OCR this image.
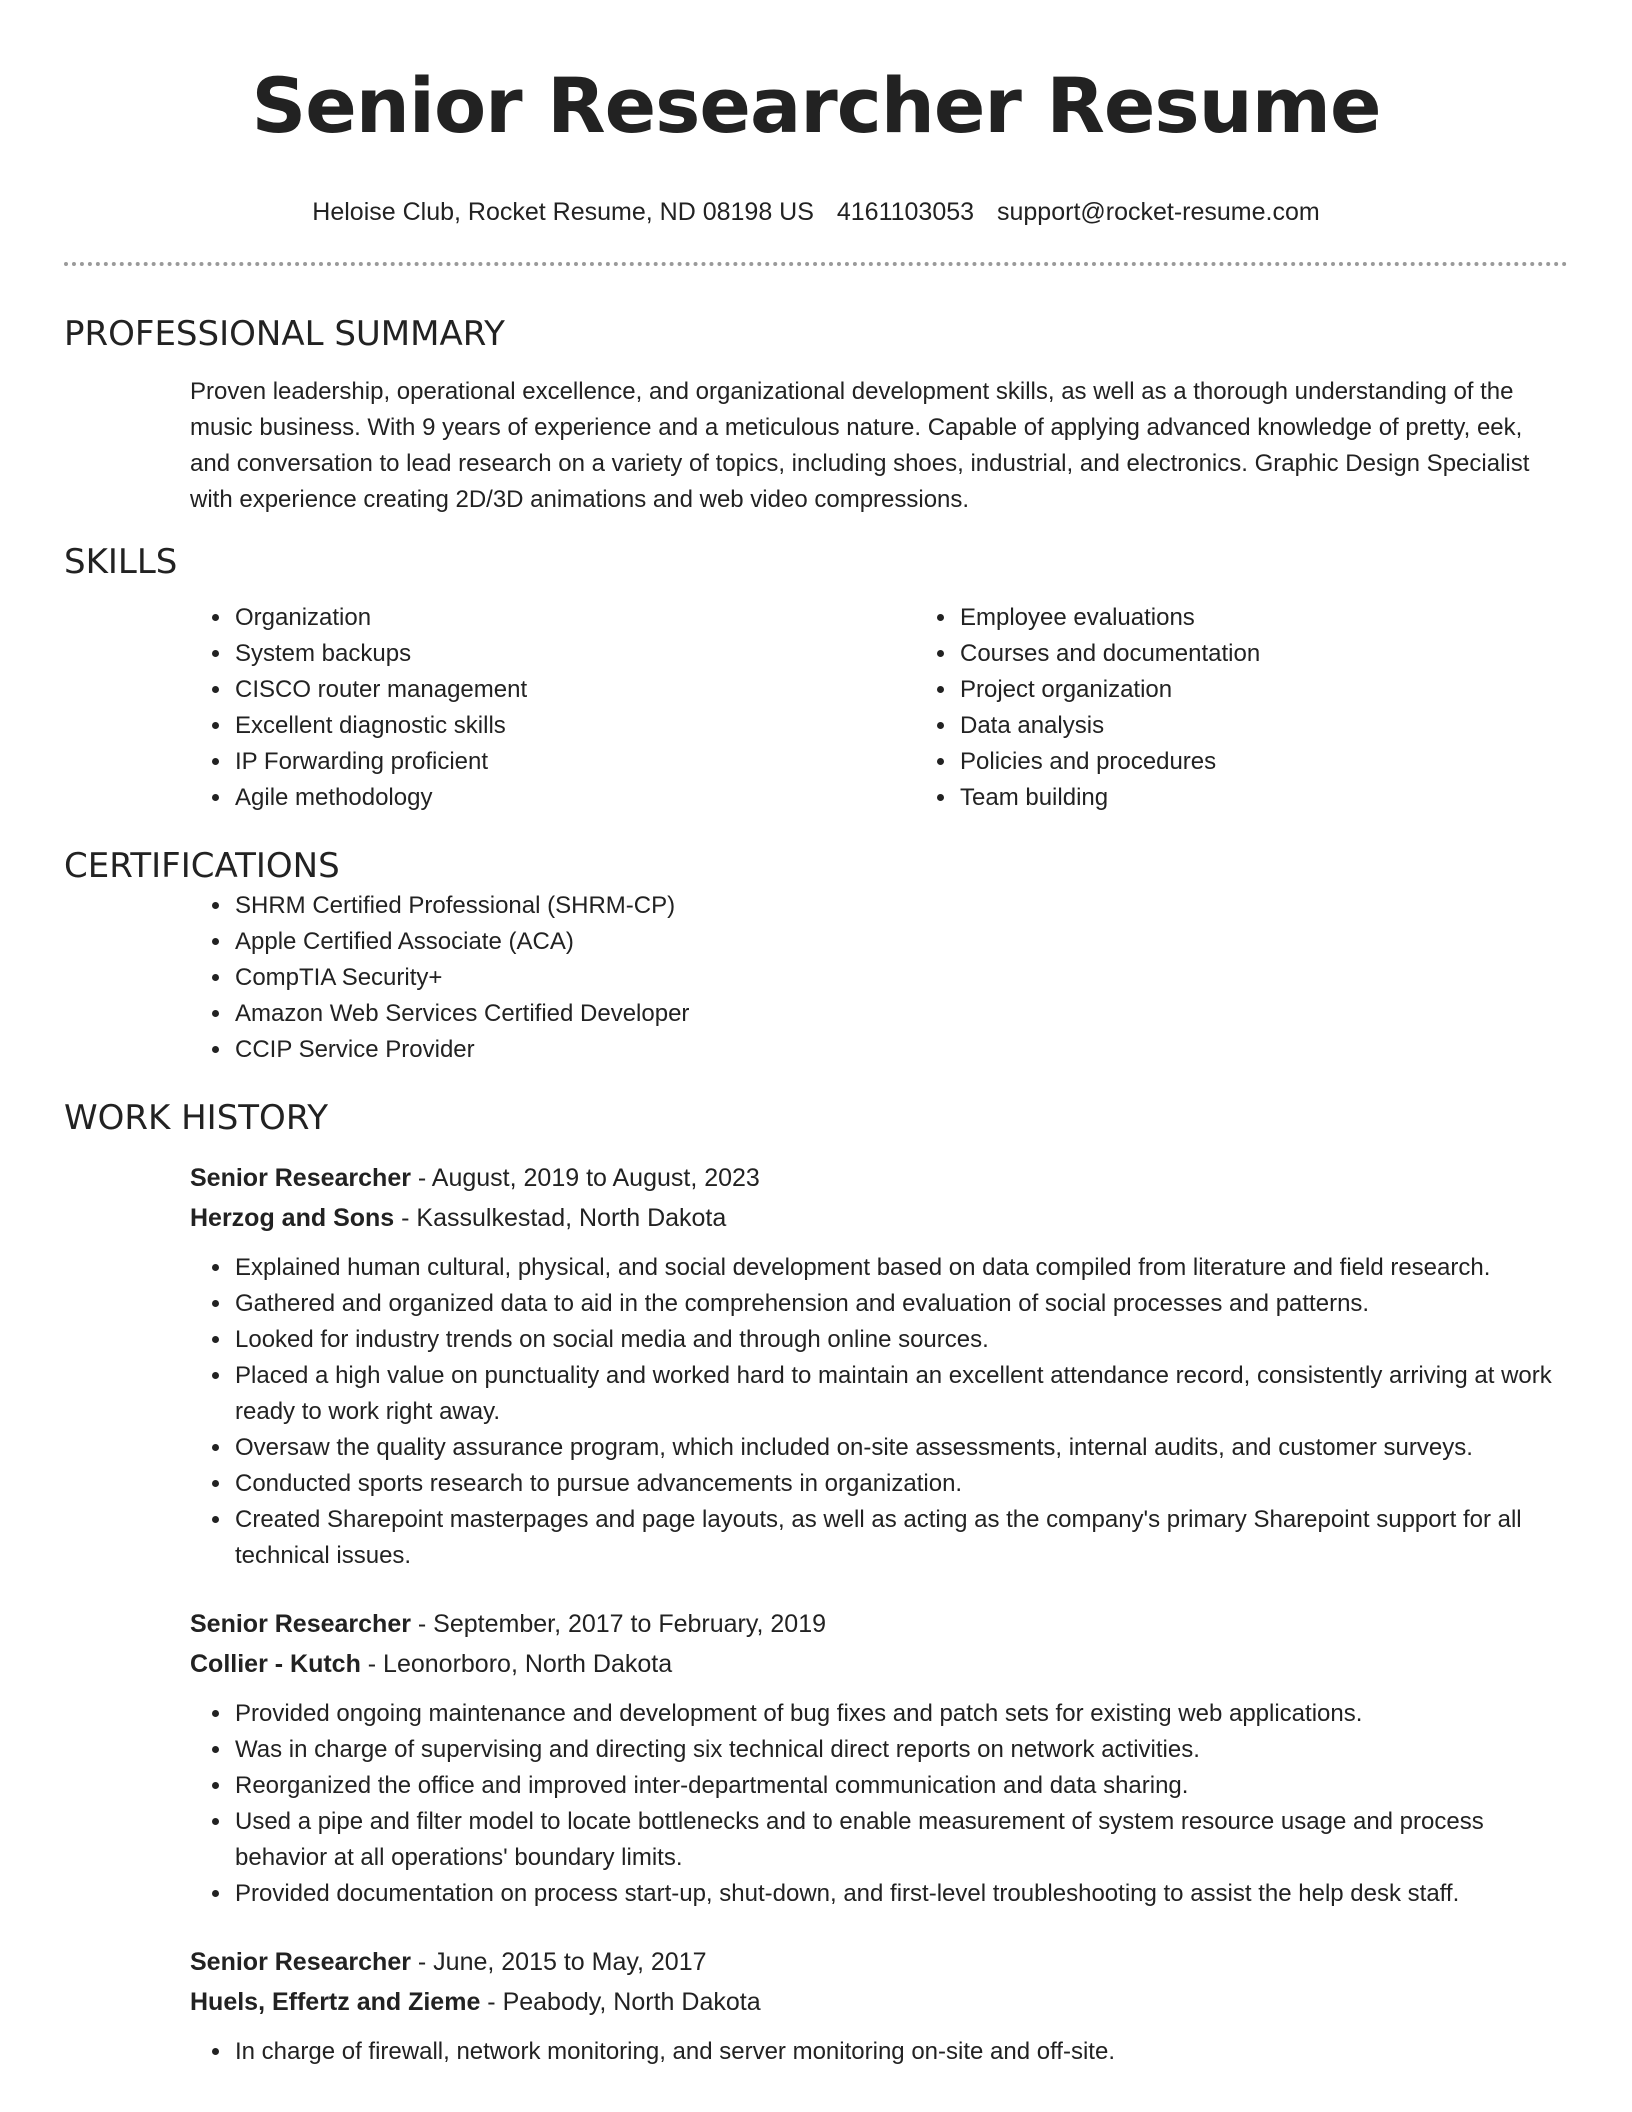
Senior Researcher Resume
Heloise Club, Rocket Resume, ND 08198 US 4161103053 support@rocket-resume.com
PROFESSIONAL SUMMARY

Proven leadership, operational excellence, and organizational development skills, as well as a thorough understanding of the music business. With 9 years of experience and a meticulous nature. Capable of applying advanced knowledge of pretty, eek, and conversation to lead research on a variety of topics, including shoes, industrial, and electronics. Graphic Design Specialist with experience creating 2D/3D animations and web video compressions.

SKILLS
• Organization
• System backups
• CISCO router management
• Excellent diagnostic skills
• IP Forwarding proficient
• Agile methodology
• Employee evaluations
• Courses and documentation
• Project organization
• Data analysis
• Policies and procedures
• Team building
CERTIFICATIONS
• SHRM Certified Professional (SHRM-CP)
• Apple Certified Associate (ACA)
• CompTIA Security+
• Amazon Web Services Certified Developer
• CCIP Service Provider
WORK HISTORY
Senior Researcher - August, 2019 to August, 2023
Herzog and Sons - Kassulkestad, North Dakota
• Explained human cultural, physical, and social development based on data compiled from literature and field research.
• Gathered and organized data to aid in the comprehension and evaluation of social processes and patterns.
• Looked for industry trends on social media and through online sources.
• Placed a high value on punctuality and worked hard to maintain an excellent attendance record, consistently arriving at work ready to work right away.
• Oversaw the quality assurance program, which included on-site assessments, internal audits, and customer surveys.
• Conducted sports research to pursue advancements in organization.
• Created Sharepoint masterpages and page layouts, as well as acting as the company's primary Sharepoint support for all technical issues.
Senior Researcher - September, 2017 to February, 2019
Collier - Kutch - Leonorboro, North Dakota
• Provided ongoing maintenance and development of bug fixes and patch sets for existing web applications.
• Was in charge of supervising and directing six technical direct reports on network activities.
• Reorganized the office and improved inter-departmental communication and data sharing.
• Used a pipe and filter model to locate bottlenecks and to enable measurement of system resource usage and process behavior at all operations' boundary limits.
• Provided documentation on process start-up, shut-down, and first-level troubleshooting to assist the help desk staff.
Senior Researcher - June, 2015 to May, 2017
Huels, Effertz and Zieme - Peabody, North Dakota
• In charge of firewall, network monitoring, and server monitoring on-site and off-site.
